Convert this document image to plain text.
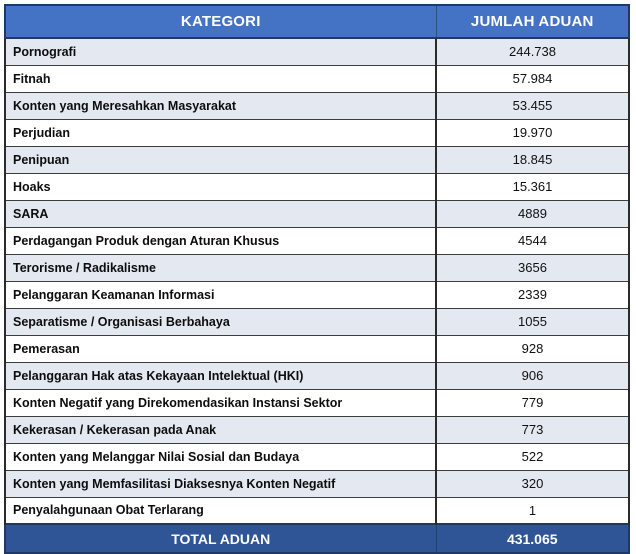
KATEGORI	JUMLAH ADUAN
Pornografi	244.738
Fitnah	57.984
Konten yang Meresahkan Masyarakat	53.455
Perjudian	19.970
Penipuan	18.845
Hoaks	15.361
SARA	4889
Perdagangan Produk dengan Aturan Khusus	4544
Terorisme / Radikalisme	3656
Pelanggaran Keamanan Informasi	2339
Separatisme / Organisasi Berbahaya	1055
Pemerasan	928
Pelanggaran Hak atas Kekayaan Intelektual (HKI)	906
Konten Negatif yang Direkomendasikan Instansi Sektor	779
Kekerasan / Kekerasan pada Anak	773
Konten yang Melanggar Nilai Sosial dan Budaya	522
Konten yang Memfasilitasi Diaksesnya Konten Negatif	320
Penyalahgunaan Obat Terlarang	1
TOTAL ADUAN	431.065
